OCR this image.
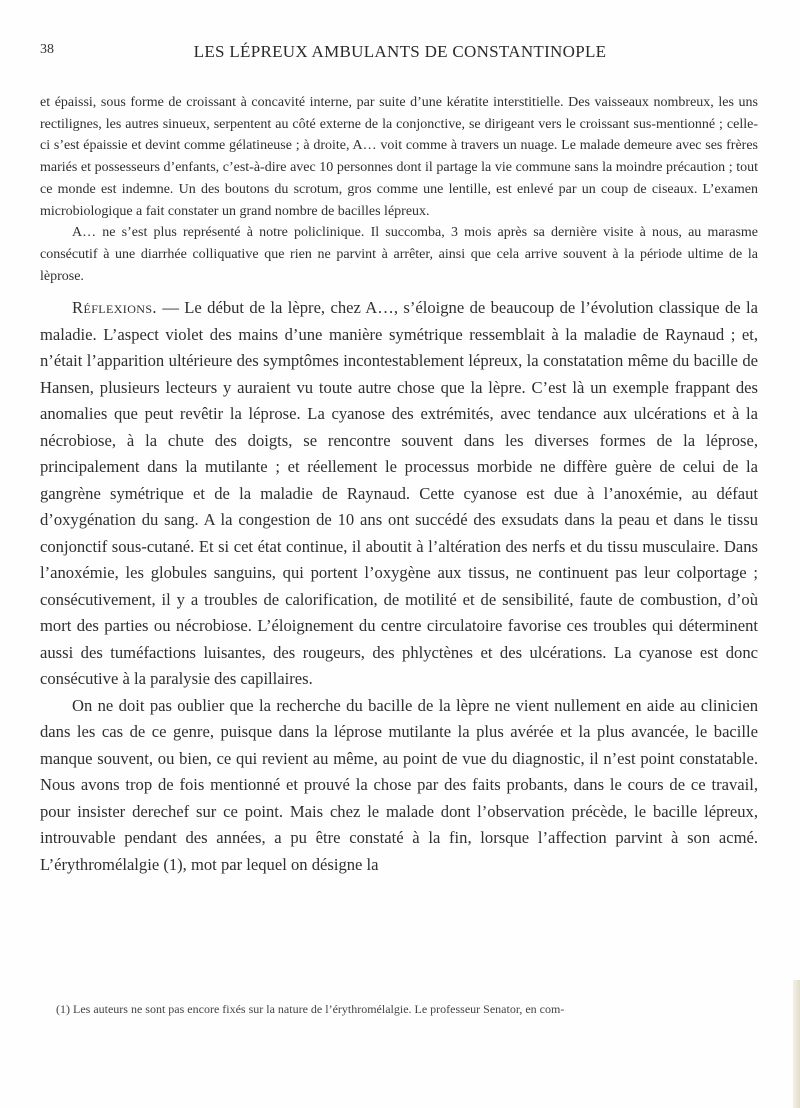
38	LES LÉPREUX AMBULANTS DE CONSTANTINOPLE

et épaissi, sous forme de croissant à concavité interne, par suite d’une kératite interstitielle. Des vaisseaux nombreux, les uns rectilignes, les autres sinueux, serpentent au côté externe de la conjonctive, se dirigeant vers le croissant sus-mentionné ; celle-ci s’est épaissie et devint comme gélatineuse ; à droite, A… voit comme à travers un nuage. Le malade demeure avec ses frères mariés et possesseurs d’enfants, c’est-à-dire avec 10 personnes dont il partage la vie commune sans la moindre précaution ; tout ce monde est indemne. Un des boutons du scrotum, gros comme une lentille, est enlevé par un coup de ciseaux. L’examen microbiologique a fait constater un grand nombre de bacilles lépreux.

A… ne s’est plus représenté à notre policlinique. Il succomba, 3 mois après sa dernière visite à nous, au marasme consécutif à une diarrhée colliquative que rien ne parvint à arrêter, ainsi que cela arrive souvent à la période ultime de la lèprose.

Réflexions. — Le début de la lèpre, chez A…, s’éloigne de beaucoup de l’évolution classique de la maladie. L’aspect violet des mains d’une manière symétrique ressemblait à la maladie de Raynaud ; et, n’était l’apparition ultérieure des symptômes incontestablement lépreux, la constatation même du bacille de Hansen, plusieurs lecteurs y auraient vu toute autre chose que la lèpre. C’est là un exemple frappant des anomalies que peut revêtir la léprose. La cyanose des extrémités, avec tendance aux ulcérations et à la nécrobiose, à la chute des doigts, se rencontre souvent dans les diverses formes de la léprose, principalement dans la mutilante ; et réellement le processus morbide ne diffère guère de celui de la gangrène symétrique et de la maladie de Raynaud. Cette cyanose est due à l’anoxémie, au défaut d’oxygénation du sang. A la congestion de 10 ans ont succédé des exsudats dans la peau et dans le tissu conjonctif sous-cutané. Et si cet état continue, il aboutit à l’altération des nerfs et du tissu musculaire. Dans l’anoxémie, les globules sanguins, qui portent l’oxygène aux tissus, ne continuent pas leur colportage ; consécutivement, il y a troubles de calorification, de motilité et de sensibilité, faute de combustion, d’où mort des parties ou nécrobiose. L’éloignement du centre circulatoire favorise ces troubles qui déterminent aussi des tuméfactions luisantes, des rougeurs, des phlyctènes et des ulcérations. La cyanose est donc consécutive à la paralysie des capillaires.

On ne doit pas oublier que la recherche du bacille de la lèpre ne vient nullement en aide au clinicien dans les cas de ce genre, puisque dans la léprose mutilante la plus avérée et la plus avancée, le bacille manque souvent, ou bien, ce qui revient au même, au point de vue du diagnostic, il n’est point constatable. Nous avons trop de fois mentionné et prouvé la chose par des faits probants, dans le cours de ce travail, pour insister derechef sur ce point. Mais chez le malade dont l’observation précède, le bacille lépreux, introuvable pendant des années, a pu être constaté à la fin, lorsque l’affection parvint à son acmé. L’érythromélalgie (1), mot par lequel on désigne la

(1) Les auteurs ne sont pas encore fixés sur la nature de l’érythromélalgie. Le professeur Senator, en com-
